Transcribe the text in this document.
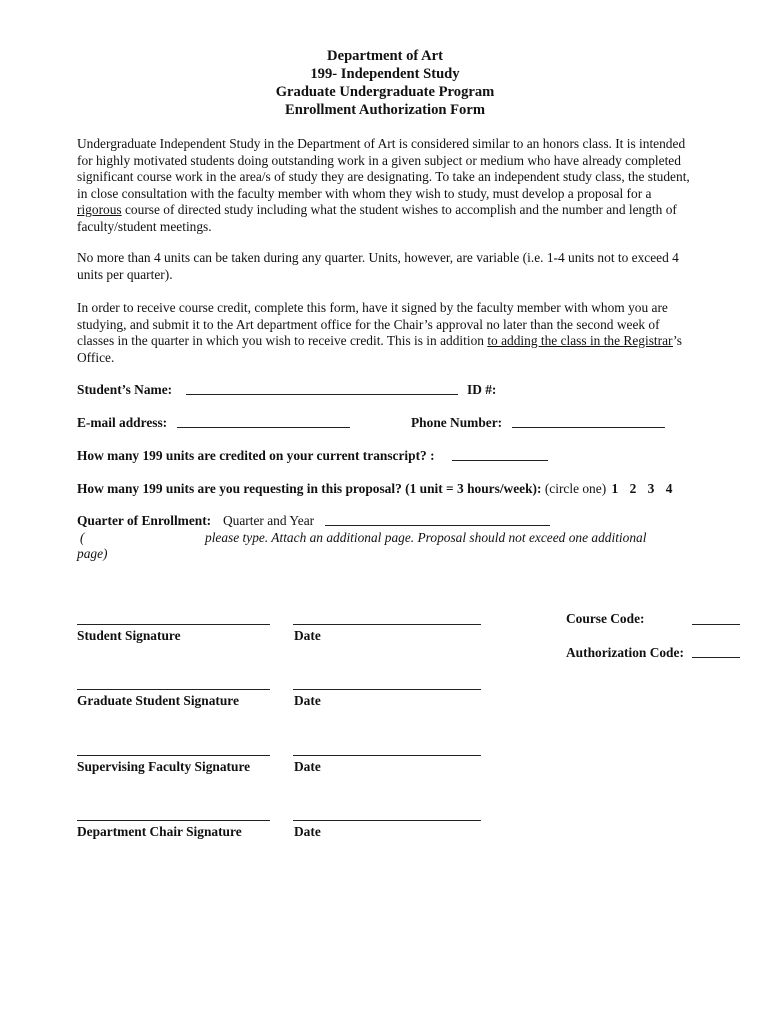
Department of Art
199- Independent Study
Graduate Undergraduate Program
Enrollment Authorization Form
Undergraduate Independent Study in the Department of Art is considered similar to an honors class. It is intended for highly motivated students doing outstanding work in a given subject or medium who have already completed significant course work in the area/s of study they are designating. To take an independent study class, the student, in close consultation with the faculty member with whom they wish to study, must develop a proposal for a rigorous course of directed study including what the student wishes to accomplish and the number and length of faculty/student meetings.
No more than 4 units can be taken during any quarter. Units, however, are variable (i.e. 1-4 units not to exceed 4 units per quarter).
In order to receive course credit, complete this form, have it signed by the faculty member with whom you are studying, and submit it to the Art department office for the Chair’s approval no later than the second week of classes in the quarter in which you wish to receive credit. This is in addition to adding the class in the Registrar’s Office.
Student’s Name:	ID #:
E-mail address:	Phone Number:
How many 199 units are credited on your current transcript? :
How many 199 units are you requesting in this proposal? (1 unit = 3 hours/week): (circle one) 1 2 3 4
Quarter of Enrollment: Quarter and Year
(	please type. Attach an additional page. Proposal should not exceed one additional
page)
Student Signature	Date
Course Code:
Authorization Code:
Graduate Student Signature	Date
Supervising Faculty Signature	Date
Department Chair Signature	Date
